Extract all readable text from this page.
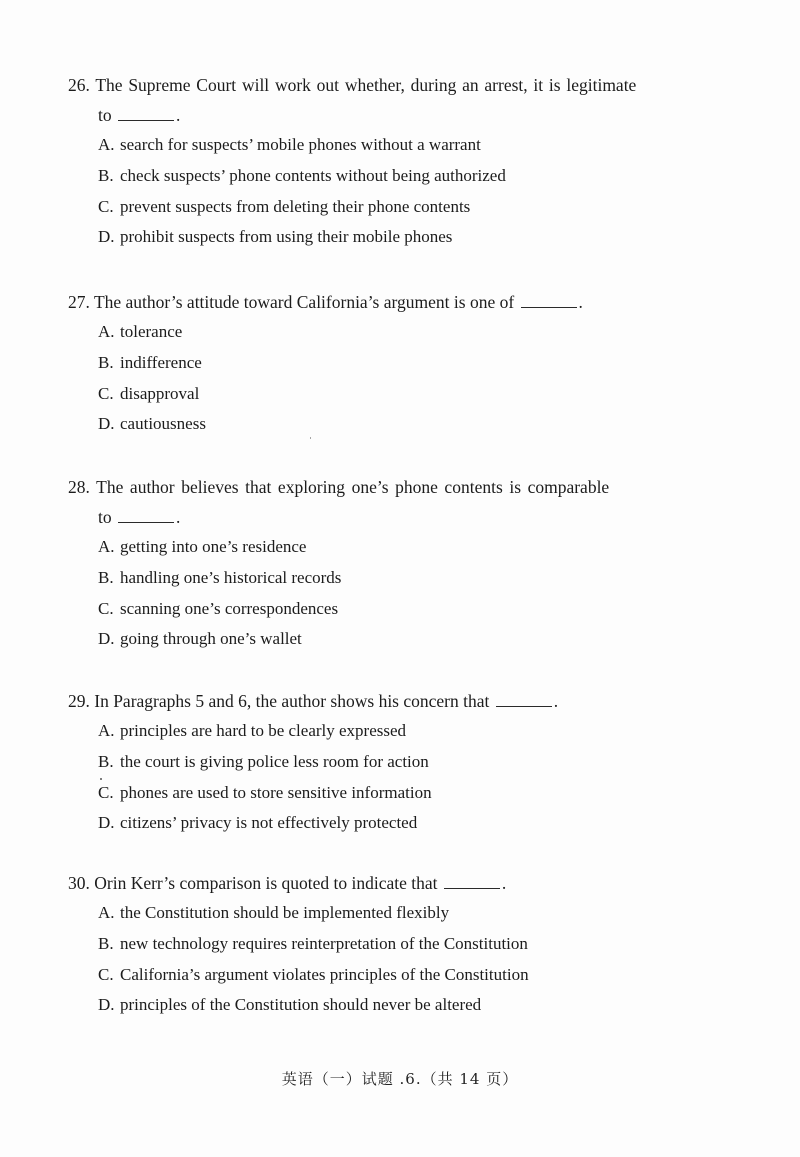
26. The Supreme Court will work out whether, during an arrest, it is legitimate

to	.

A. search for suspects’ mobile phones without a warrant
B. check suspects’ phone contents without being authorized
C. prevent suspects from deleting their phone contents
D. prohibit suspects from using their mobile phones

27. The author’s attitude toward California’s argument is one of	.

A. tolerance
B. indifference
C. disapproval
D. cautiousness

28. The author believes that exploring one’s phone contents is comparable

to	.

A. getting into one’s residence
B. handling one’s historical records
C. scanning one’s correspondences
D. going through one’s wallet

29. In Paragraphs 5 and 6, the author shows his concern that	.

A. principles are hard to be clearly expressed
B. the court is giving police less room for action
C. phones are used to store sensitive information
D. citizens’ privacy is not effectively protected

30. Orin Kerr’s comparison is quoted to indicate that	.

A. the Constitution should be implemented flexibly
B. new technology requires reinterpretation of the Constitution
C. California’s argument violates principles of the Constitution
D. principles of the Constitution should never be altered
英语（一）试题 .6.（共 14 页）
